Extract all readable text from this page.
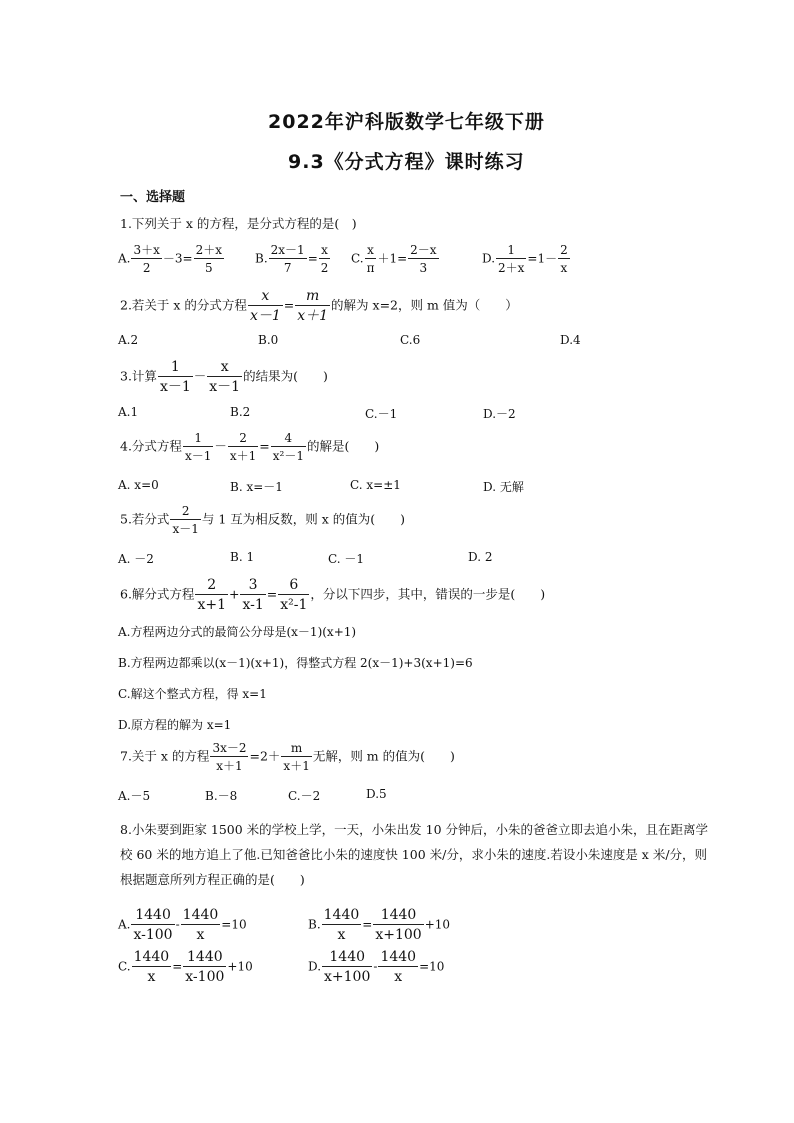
2022年沪科版数学七年级下册
9.3《分式方程》课时练习
一、选择题
1.下列关于 x 的方程，是分式方程的是(　)
A. $\frac{3+x}{2} -3= \frac{2+x}{5}$	B. $\frac{2x-1}{7} = \frac{x}{2} C$. $\frac{x}{\pi} +1= \frac{2-x}{3}$	D. $\frac{1}{2+x} =1- \frac{2}{x}$
2.若关于 x 的分式方程 $\frac{x}{x-1} = \frac{m}{x+1}$ 的解为 x=2，则 m 值为（　　）
A.2	B.0	C.6	D.4
3.计算 $\frac{1}{x-1} - \frac{x}{x-1}$ 的结果为(　　)
A.1	B.2	C.－1	D.－2
4.分式方程 $\frac{1}{x-1} - \frac{2}{x+1} = \frac{4}{\text{x²－1}}$ 的解是(　　)
A. x=0	B. x=－1	C. x=±1	D. 无解
5.若分式 $\frac{2}{x-1}$ 与 1 互为相反数，则 x 的值为(　　)
A. －2	B. 1	C. －1	D. 2
6.解分式方程 $\frac{2}{x+1} + \frac{3}{x-1} = \frac{6}{\text{x²-1}}$ ，分以下四步，其中，错误的一步是(　　)
A.方程两边分式的最简公分母是(x－1)(x+1)
B.方程两边都乘以(x－1)(x+1)，得整式方程 2(x－1)+3(x+1)=6
C.解这个整式方程，得 x=1
D.原方程的解为 x=1
7.关于 x 的方程 $\frac{3x-2}{x+1} =2+ \frac{m}{x+1}$ 无解，则 m 的值为(　　)
A.－5	B.－8	C.－2	D.5
8.小朱要到距家 1500 米的学校上学，一天，小朱出发 10 分钟后，小朱的爸爸立即去追小朱，且在距离学校 60 米的地方追上了他.已知爸爸比小朱的速度快 100 米/分，求小朱的速度.若设小朱速度是 x 米/分，则根据题意所列方程正确的是(　　)
A. $\frac{1440}{x-100} - \frac{1440}{x} =10$	B. $\frac{1440}{x} = \frac{1440}{x+100} +10$
C. $\frac{1440}{x} = \frac{1440}{x-100} +10$	D. $\frac{1440}{x+100} - \frac{1440}{x} =10$
